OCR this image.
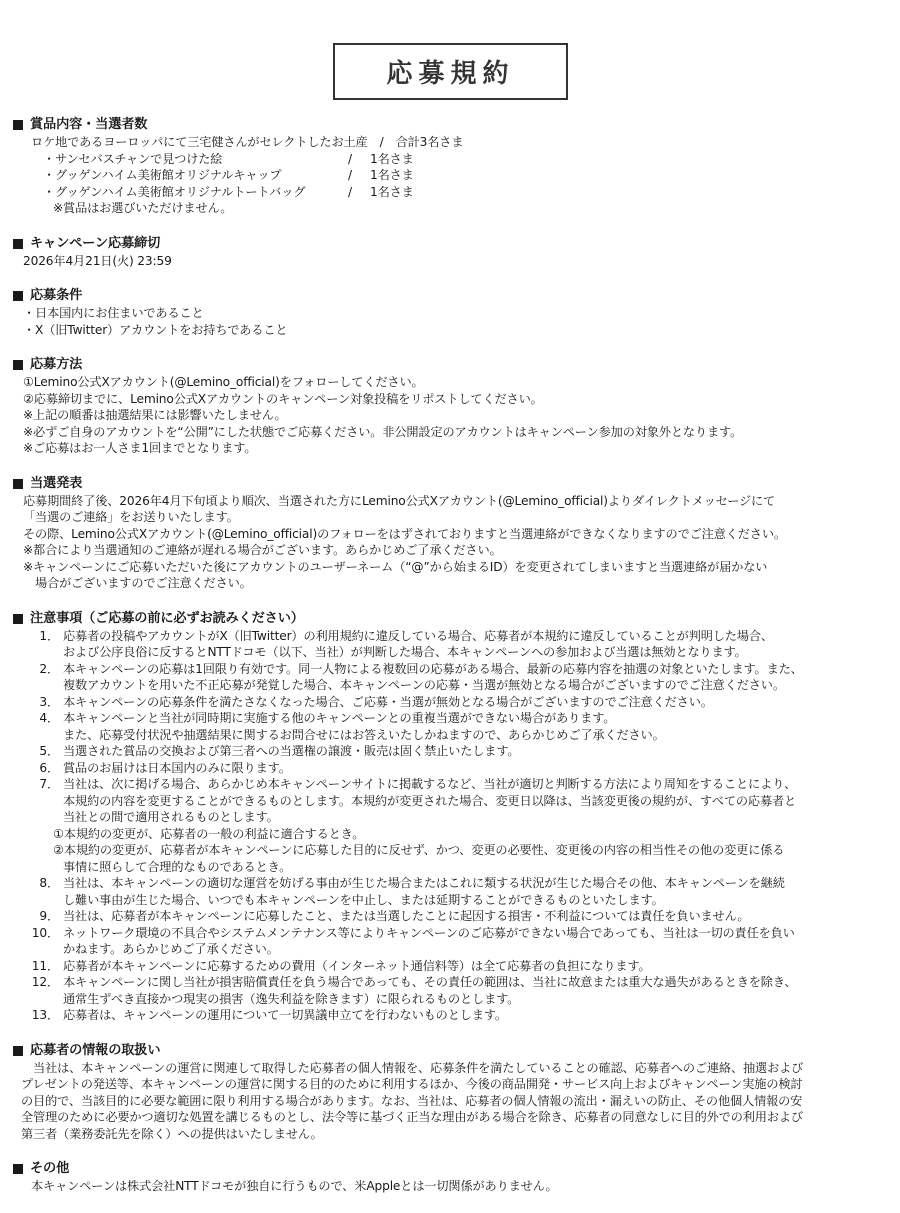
応募規約
賞品内容・当選者数
ロケ地であるヨーロッパにて三宅健さんがセレクトしたお土産　/　合計3名さま
・サンセバスチャンで見つけた絵	/	1名さま
・グッゲンハイム美術館オリジナルキャップ	/	1名さま
・グッゲンハイム美術館オリジナルトートバッグ	/	1名さま
※賞品はお選びいただけません。
キャンペーン応募締切
2026年4月21日(火) 23:59
応募条件
・日本国内にお住まいであること
・X（旧Twitter）アカウントをお持ちであること
応募方法
①Lemino公式Xアカウント(@Lemino_official)をフォローしてください。
②応募締切までに、Lemino公式Xアカウントのキャンペーン対象投稿をリポストしてください。
※上記の順番は抽選結果には影響いたしません。
※必ずご自身のアカウントを“公開”にした状態でご応募ください。非公開設定のアカウントはキャンペーン参加の対象外となります。
※ご応募はお一人さま1回までとなります。
当選発表
応募期間終了後、2026年4月下旬頃より順次、当選された方にLemino公式Xアカウント(@Lemino_official)よりダイレクトメッセージにて
「当選のご連絡」をお送りいたします。
その際、Lemino公式Xアカウント(@Lemino_official)のフォローをはずされておりますと当選連絡ができなくなりますのでご注意ください。
※都合により当選通知のご連絡が遅れる場合がございます。あらかじめご了承ください。
※キャンペーンにご応募いただいた後にアカウントのユーザーネーム（“@”から始まるID）を変更されてしまいますと当選連絡が届かない
　場合がございますのでご注意ください。
注意事項（ご応募の前に必ずお読みください）
1． 応募者の投稿やアカウントがX（旧Twitter）の利用規約に違反している場合、応募者が本規約に違反していることが判明した場合、
および公序良俗に反するとNTTドコモ（以下、当社）が判断した場合、本キャンペーンへの参加および当選は無効となります。
2． 本キャンペーンの応募は1回限り有効です。同一人物による複数回の応募がある場合、最新の応募内容を抽選の対象といたします。また、
複数アカウントを用いた不正応募が発覚した場合、本キャンペーンの応募・当選が無効となる場合がございますのでご注意ください。
3． 本キャンペーンの応募条件を満たさなくなった場合、ご応募・当選が無効となる場合がございますのでご注意ください。
4． 本キャンペーンと当社が同時期に実施する他のキャンペーンとの重複当選ができない場合があります。
また、応募受付状況や抽選結果に関するお問合せにはお答えいたしかねますので、あらかじめご了承ください。
5． 当選された賞品の交換および第三者への当選権の譲渡・販売は固く禁止いたします。
6． 賞品のお届けは日本国内のみに限ります。
7． 当社は、次に掲げる場合、あらかじめ本キャンペーンサイトに掲載するなど、当社が適切と判断する方法により周知をすることにより、
本規約の内容を変更することができるものとします。本規約が変更された場合、変更日以降は、当該変更後の規約が、すべての応募者と
当社との間で適用されるものとします。
①本規約の変更が、応募者の一般の利益に適合するとき。
②本規約の変更が、応募者が本キャンペーンに応募した目的に反せず、かつ、変更の必要性、変更後の内容の相当性その他の変更に係る
事情に照らして合理的なものであるとき。
8． 当社は、本キャンペーンの適切な運営を妨げる事由が生じた場合またはこれに類する状況が生じた場合その他、本キャンペーンを継続
し難い事由が生じた場合、いつでも本キャンペーンを中止し、または延期することができるものといたします。
9． 当社は、応募者が本キャンペーンに応募したこと、または当選したことに起因する損害・不利益については責任を負いません。
10． ネットワーク環境の不具合やシステムメンテナンス等によりキャンペーンのご応募ができない場合であっても、当社は一切の責任を負い
かねます。あらかじめご了承ください。
11． 応募者が本キャンペーンに応募するための費用（インターネット通信料等）は全て応募者の負担になります。
12． 本キャンペーンに関し当社が損害賠償責任を負う場合であっても、その責任の範囲は、当社に故意または重大な過失があるときを除き、
通常生ずべき直接かつ現実の損害（逸失利益を除きます）に限られるものとします。
13． 応募者は、キャンペーンの運用について一切異議申立てを行わないものとします。
応募者の情報の取扱い
　当社は、本キャンペーンの運営に関連して取得した応募者の個人情報を、応募条件を満たしていることの確認、応募者へのご連絡、抽選および
プレゼントの発送等、本キャンペーンの運営に関する目的のために利用するほか、今後の商品開発・サービス向上およびキャンペーン実施の検討
の目的で、当該目的に必要な範囲に限り利用する場合があります。なお、当社は、応募者の個人情報の流出・漏えいの防止、その他個人情報の安
全管理のために必要かつ適切な処置を講じるものとし、法令等に基づく正当な理由がある場合を除き、応募者の同意なしに目的外での利用および
第三者（業務委託先を除く）への提供はいたしません。
その他
本キャンペーンは株式会社NTTドコモが独自に行うもので、米Appleとは一切関係がありません。
